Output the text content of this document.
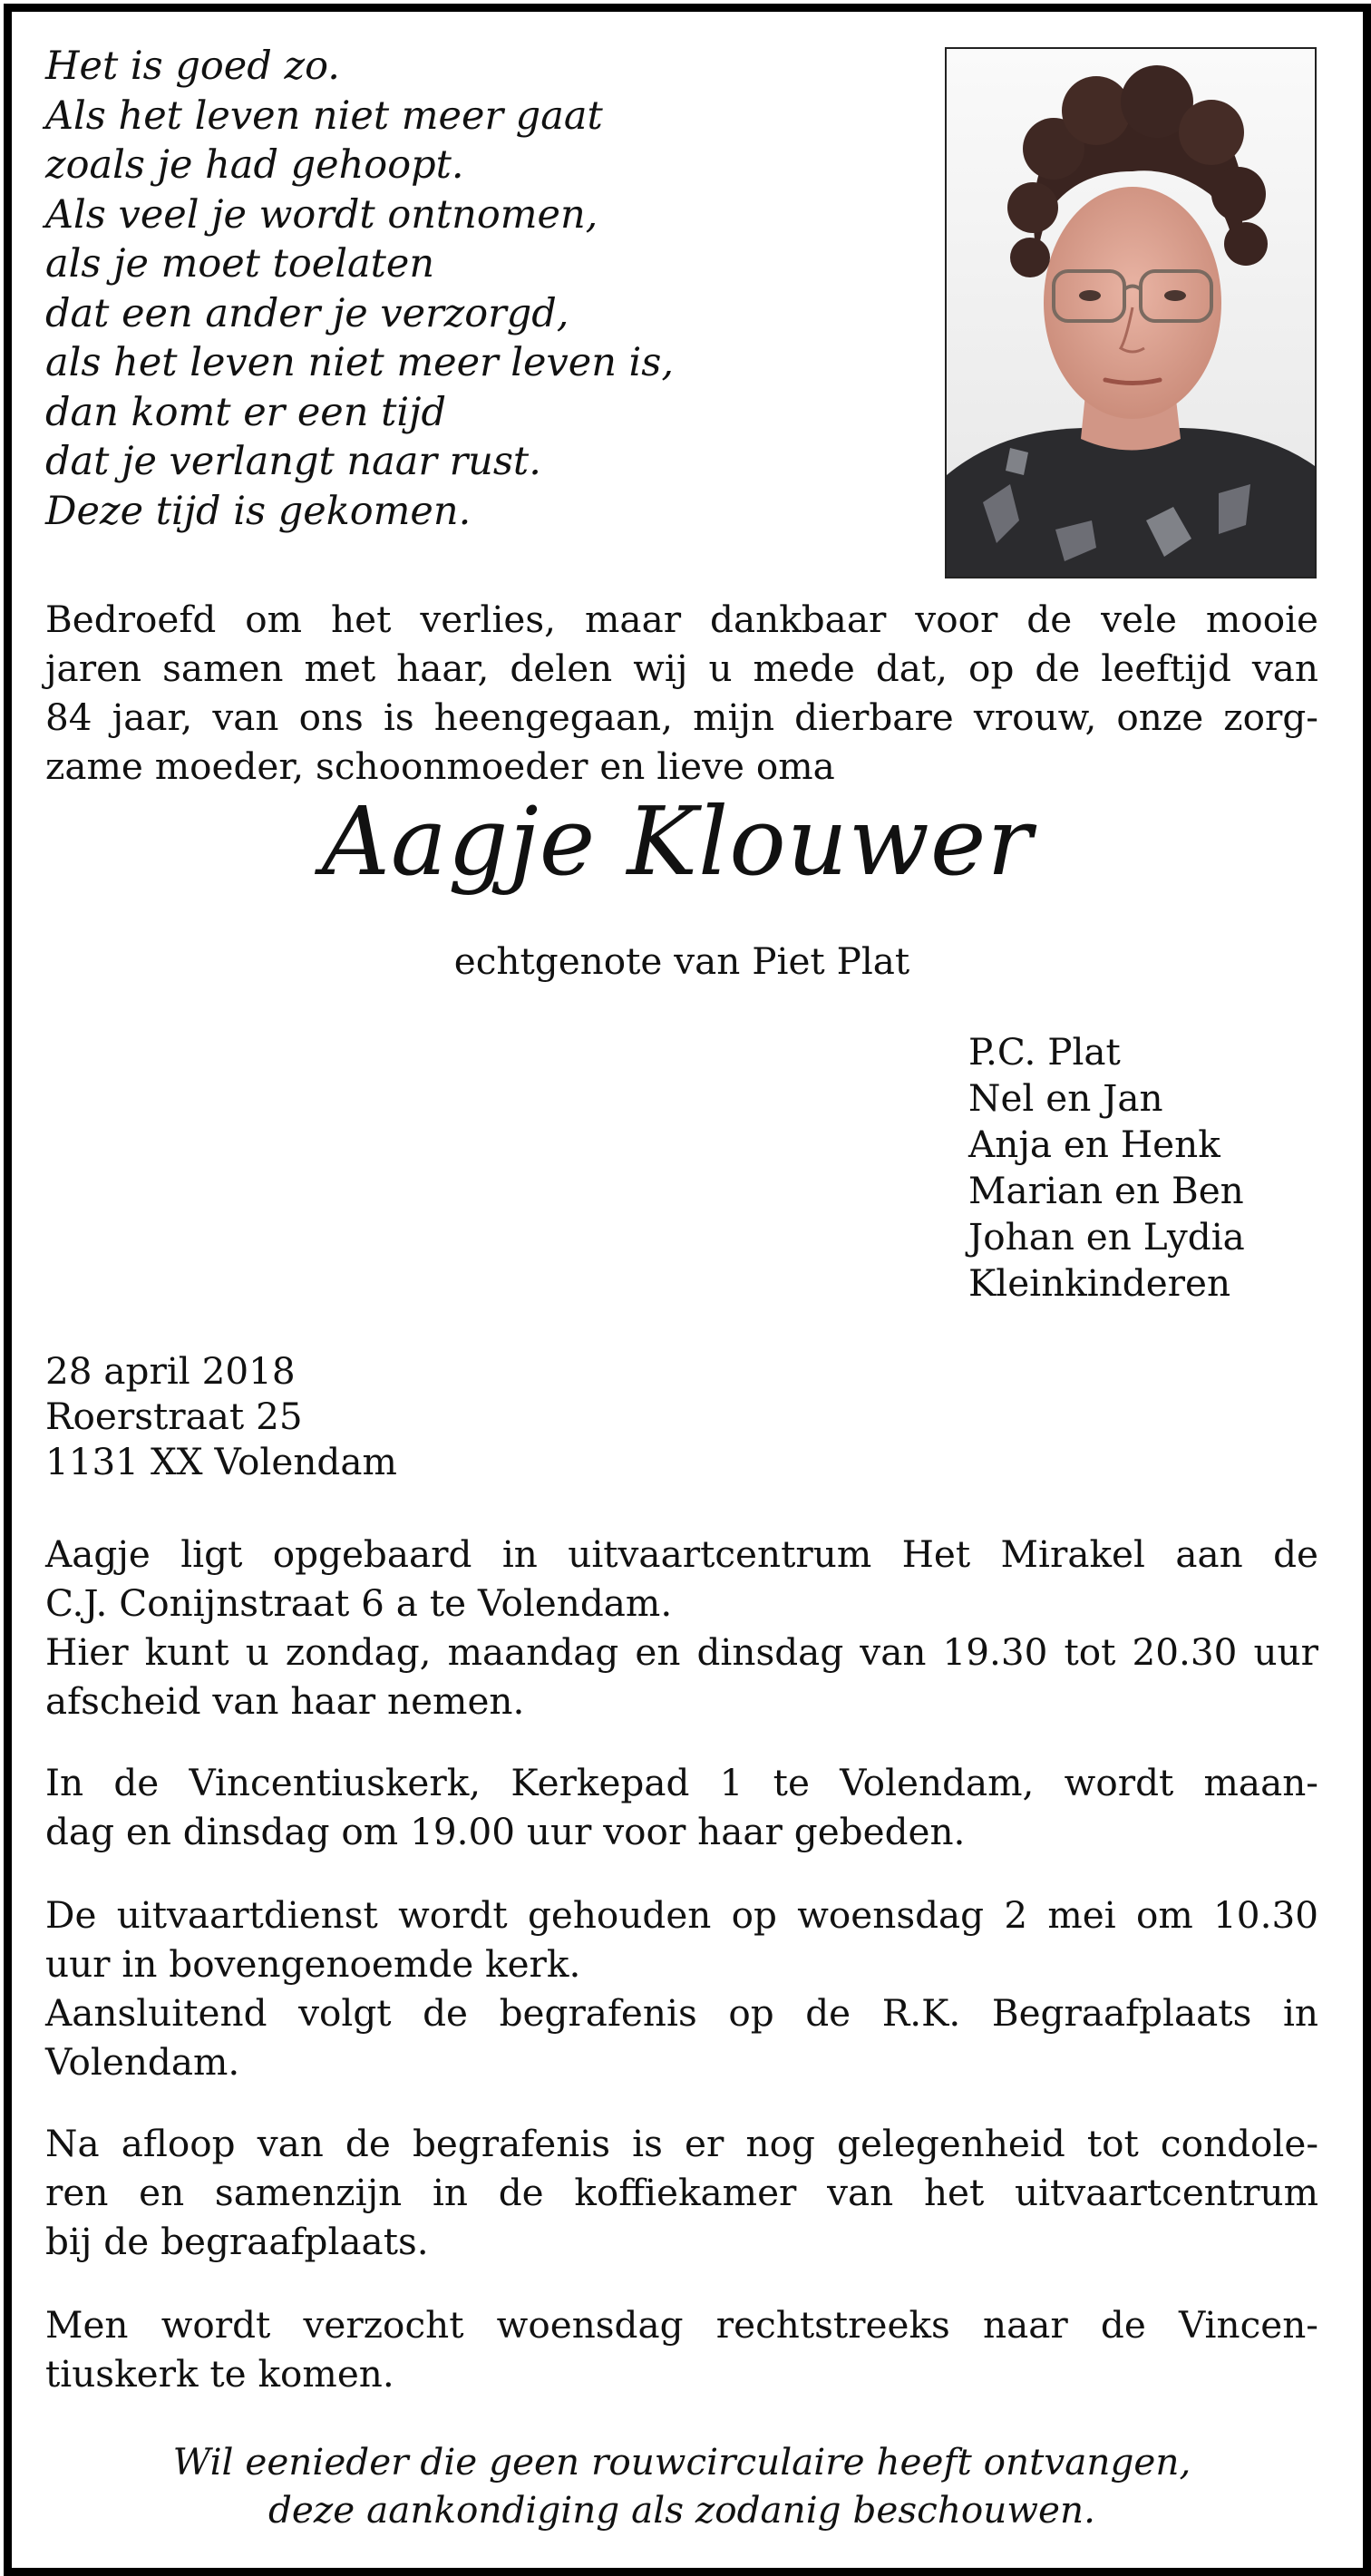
Het is goed zo.
Als het leven niet meer gaat
zoals je had gehoopt.
Als veel je wordt ontnomen,
als je moet toelaten
dat een ander je verzorgd,
als het leven niet meer leven is,
dan komt er een tijd
dat je verlangt naar rust.
Deze tijd is gekomen.
Bedroefd om het verlies, maar dankbaar voor de vele mooie
jaren samen met haar, delen wij u mede dat, op de leeftijd van
84 jaar, van ons is heengegaan, mijn dierbare vrouw, onze zorg-
zame moeder, schoonmoeder en lieve oma
Aagje Klouwer
echtgenote van Piet Plat
P.C. Plat
Nel en Jan
Anja en Henk
Marian en Ben
Johan en Lydia
Kleinkinderen
28 april 2018
Roerstraat 25
1131 XX Volendam
Aagje ligt opgebaard in uitvaartcentrum Het Mirakel aan de
C.J. Conijnstraat 6 a te Volendam.
Hier kunt u zondag, maandag en dinsdag van 19.30 tot 20.30 uur
afscheid van haar nemen.
In de Vincentiuskerk, Kerkepad 1 te Volendam, wordt maan-
dag en dinsdag om 19.00 uur voor haar gebeden.
De uitvaartdienst wordt gehouden op woensdag 2 mei om 10.30
uur in bovengenoemde kerk.
Aansluitend volgt de begrafenis op de R.K. Begraafplaats in
Volendam.
Na afloop van de begrafenis is er nog gelegenheid tot condole-
ren en samenzijn in de koffiekamer van het uitvaartcentrum
bij de begraafplaats.
Men wordt verzocht woensdag rechtstreeks naar de Vincen-
tiuskerk te komen.
Wil eenieder die geen rouwcirculaire heeft ontvangen,
deze aankondiging als zodanig beschouwen.
